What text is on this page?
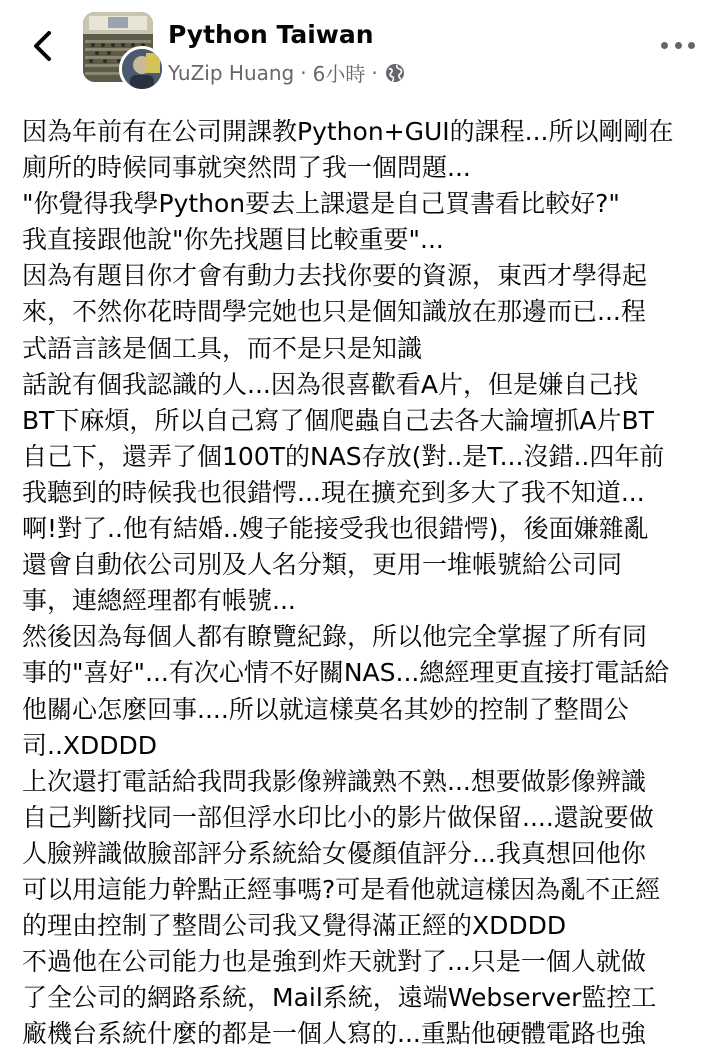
Python Taiwan
YuZip Huang · 6小時 ·
因為年前有在公司開課教Python+GUI的課程...所以剛剛在
廁所的時候同事就突然問了我一個問題...
"你覺得我學Python要去上課還是自己買書看比較好?"
我直接跟他說"你先找題目比較重要"...
因為有題目你才會有動力去找你要的資源，東西才學得起
來，不然你花時間學完她也只是個知識放在那邊而已...程
式語言該是個工具，而不是只是知識
話說有個我認識的人...因為很喜歡看A片，但是嫌自己找
BT下麻煩，所以自己寫了個爬蟲自己去各大論壇抓A片BT
自己下，還弄了個100T的NAS存放(對..是T...沒錯..四年前
我聽到的時候我也很錯愕...現在擴充到多大了我不知道...
啊!對了..他有結婚..嫂子能接受我也很錯愕)，後面嫌雜亂
還會自動依公司別及人名分類，更用一堆帳號給公司同
事，連總經理都有帳號...
然後因為每個人都有瞭覽紀錄，所以他完全掌握了所有同
事的"喜好"...有次心情不好關NAS...總經理更直接打電話給
他關心怎麼回事....所以就這樣莫名其妙的控制了整間公
司..XDDDD
上次還打電話給我問我影像辨識熟不熟...想要做影像辨識
自己判斷找同一部但浮水印比小的影片做保留....還說要做
人臉辨識做臉部評分系統給女優顏值評分...我真想回他你
可以用這能力幹點正經事嗎?可是看他就這樣因為亂不正經
的理由控制了整間公司我又覺得滿正經的XDDDD
不過他在公司能力也是強到炸天就對了...只是一個人就做
了全公司的網路系統，Mail系統，遠端Webserver監控工
廠機台系統什麼的都是一個人寫的...重點他硬體電路也強
